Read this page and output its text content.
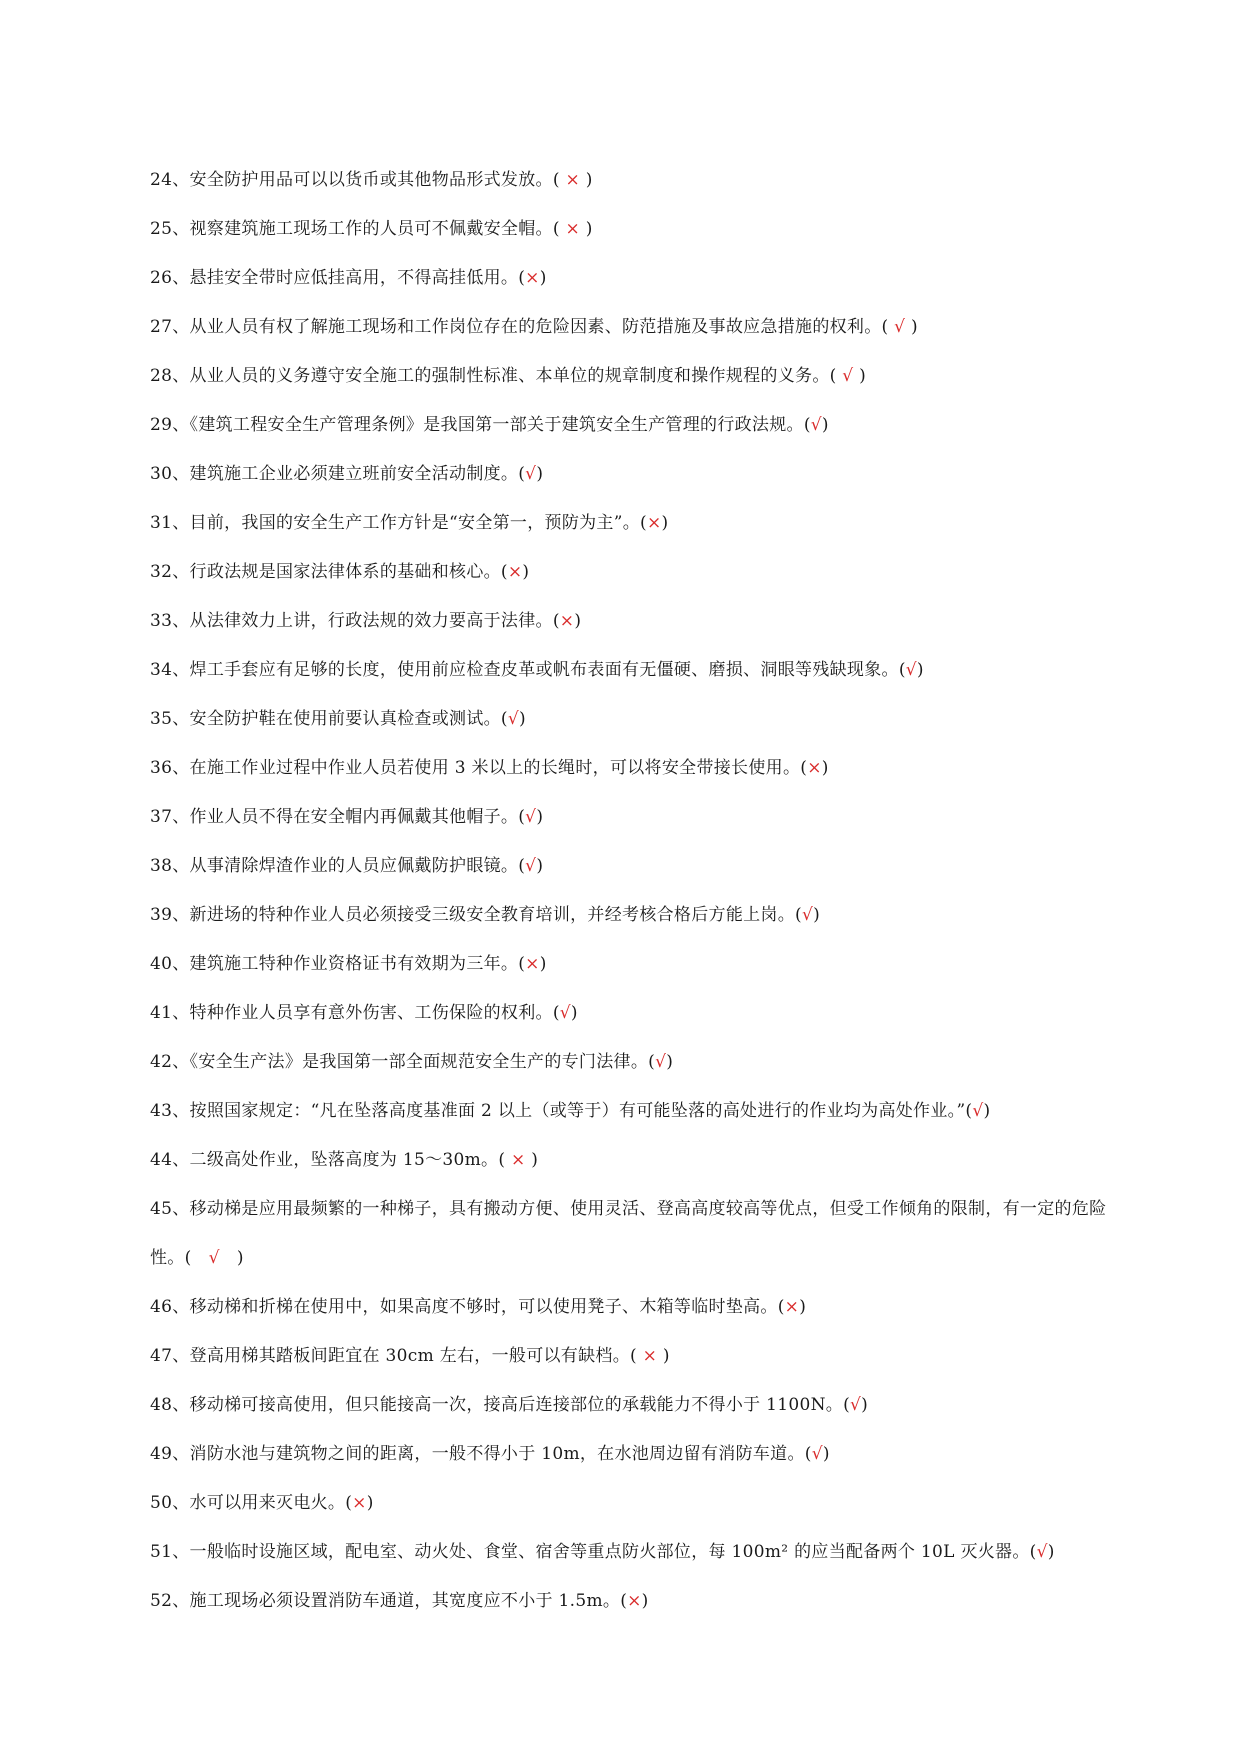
24、安全防护用品可以以货币或其他物品形式发放。( × )
25、视察建筑施工现场工作的人员可不佩戴安全帽。( × )
26、悬挂安全带时应低挂高用，不得高挂低用。(×)
27、从业人员有权了解施工现场和工作岗位存在的危险因素、防范措施及事故应急措施的权利。( √ )
28、从业人员的义务遵守安全施工的强制性标准、本单位的规章制度和操作规程的义务。( √ )
29、《建筑工程安全生产管理条例》是我国第一部关于建筑安全生产管理的行政法规。(√)
30、建筑施工企业必须建立班前安全活动制度。(√)
31、目前，我国的安全生产工作方针是“安全第一，预防为主”。(×)
32、行政法规是国家法律体系的基础和核心。(×)
33、从法律效力上讲，行政法规的效力要高于法律。(×)
34、焊工手套应有足够的长度，使用前应检查皮革或帆布表面有无僵硬、磨损、洞眼等残缺现象。(√)
35、安全防护鞋在使用前要认真检查或测试。(√)
36、在施工作业过程中作业人员若使用 3 米以上的长绳时，可以将安全带接长使用。(×)
37、作业人员不得在安全帽内再佩戴其他帽子。(√)
38、从事清除焊渣作业的人员应佩戴防护眼镜。(√)
39、新进场的特种作业人员必须接受三级安全教育培训，并经考核合格后方能上岗。(√)
40、建筑施工特种作业资格证书有效期为三年。(×)
41、特种作业人员享有意外伤害、工伤保险的权利。(√)
42、《安全生产法》是我国第一部全面规范安全生产的专门法律。(√)
43、按照国家规定：“凡在坠落高度基准面 2 以上（或等于）有可能坠落的高处进行的作业均为高处作业。”(√)
44、二级高处作业，坠落高度为 15～30m。( × )
45、移动梯是应用最频繁的一种梯子，具有搬动方便、使用灵活、登高高度较高等优点，但受工作倾角的限制，有一定的危险性。(   √   )
46、移动梯和折梯在使用中，如果高度不够时，可以使用凳子、木箱等临时垫高。(×)
47、登高用梯其踏板间距宜在 30cm 左右，一般可以有缺档。( × )
48、移动梯可接高使用，但只能接高一次，接高后连接部位的承载能力不得小于 1100N。(√)
49、消防水池与建筑物之间的距离，一般不得小于 10m，在水池周边留有消防车道。(√)
50、水可以用来灭电火。(×)
51、一般临时设施区域，配电室、动火处、食堂、宿舍等重点防火部位，每 100m² 的应当配备两个 10L 灭火器。(√)
52、施工现场必须设置消防车通道，其宽度应不小于 1.5m。(×)
